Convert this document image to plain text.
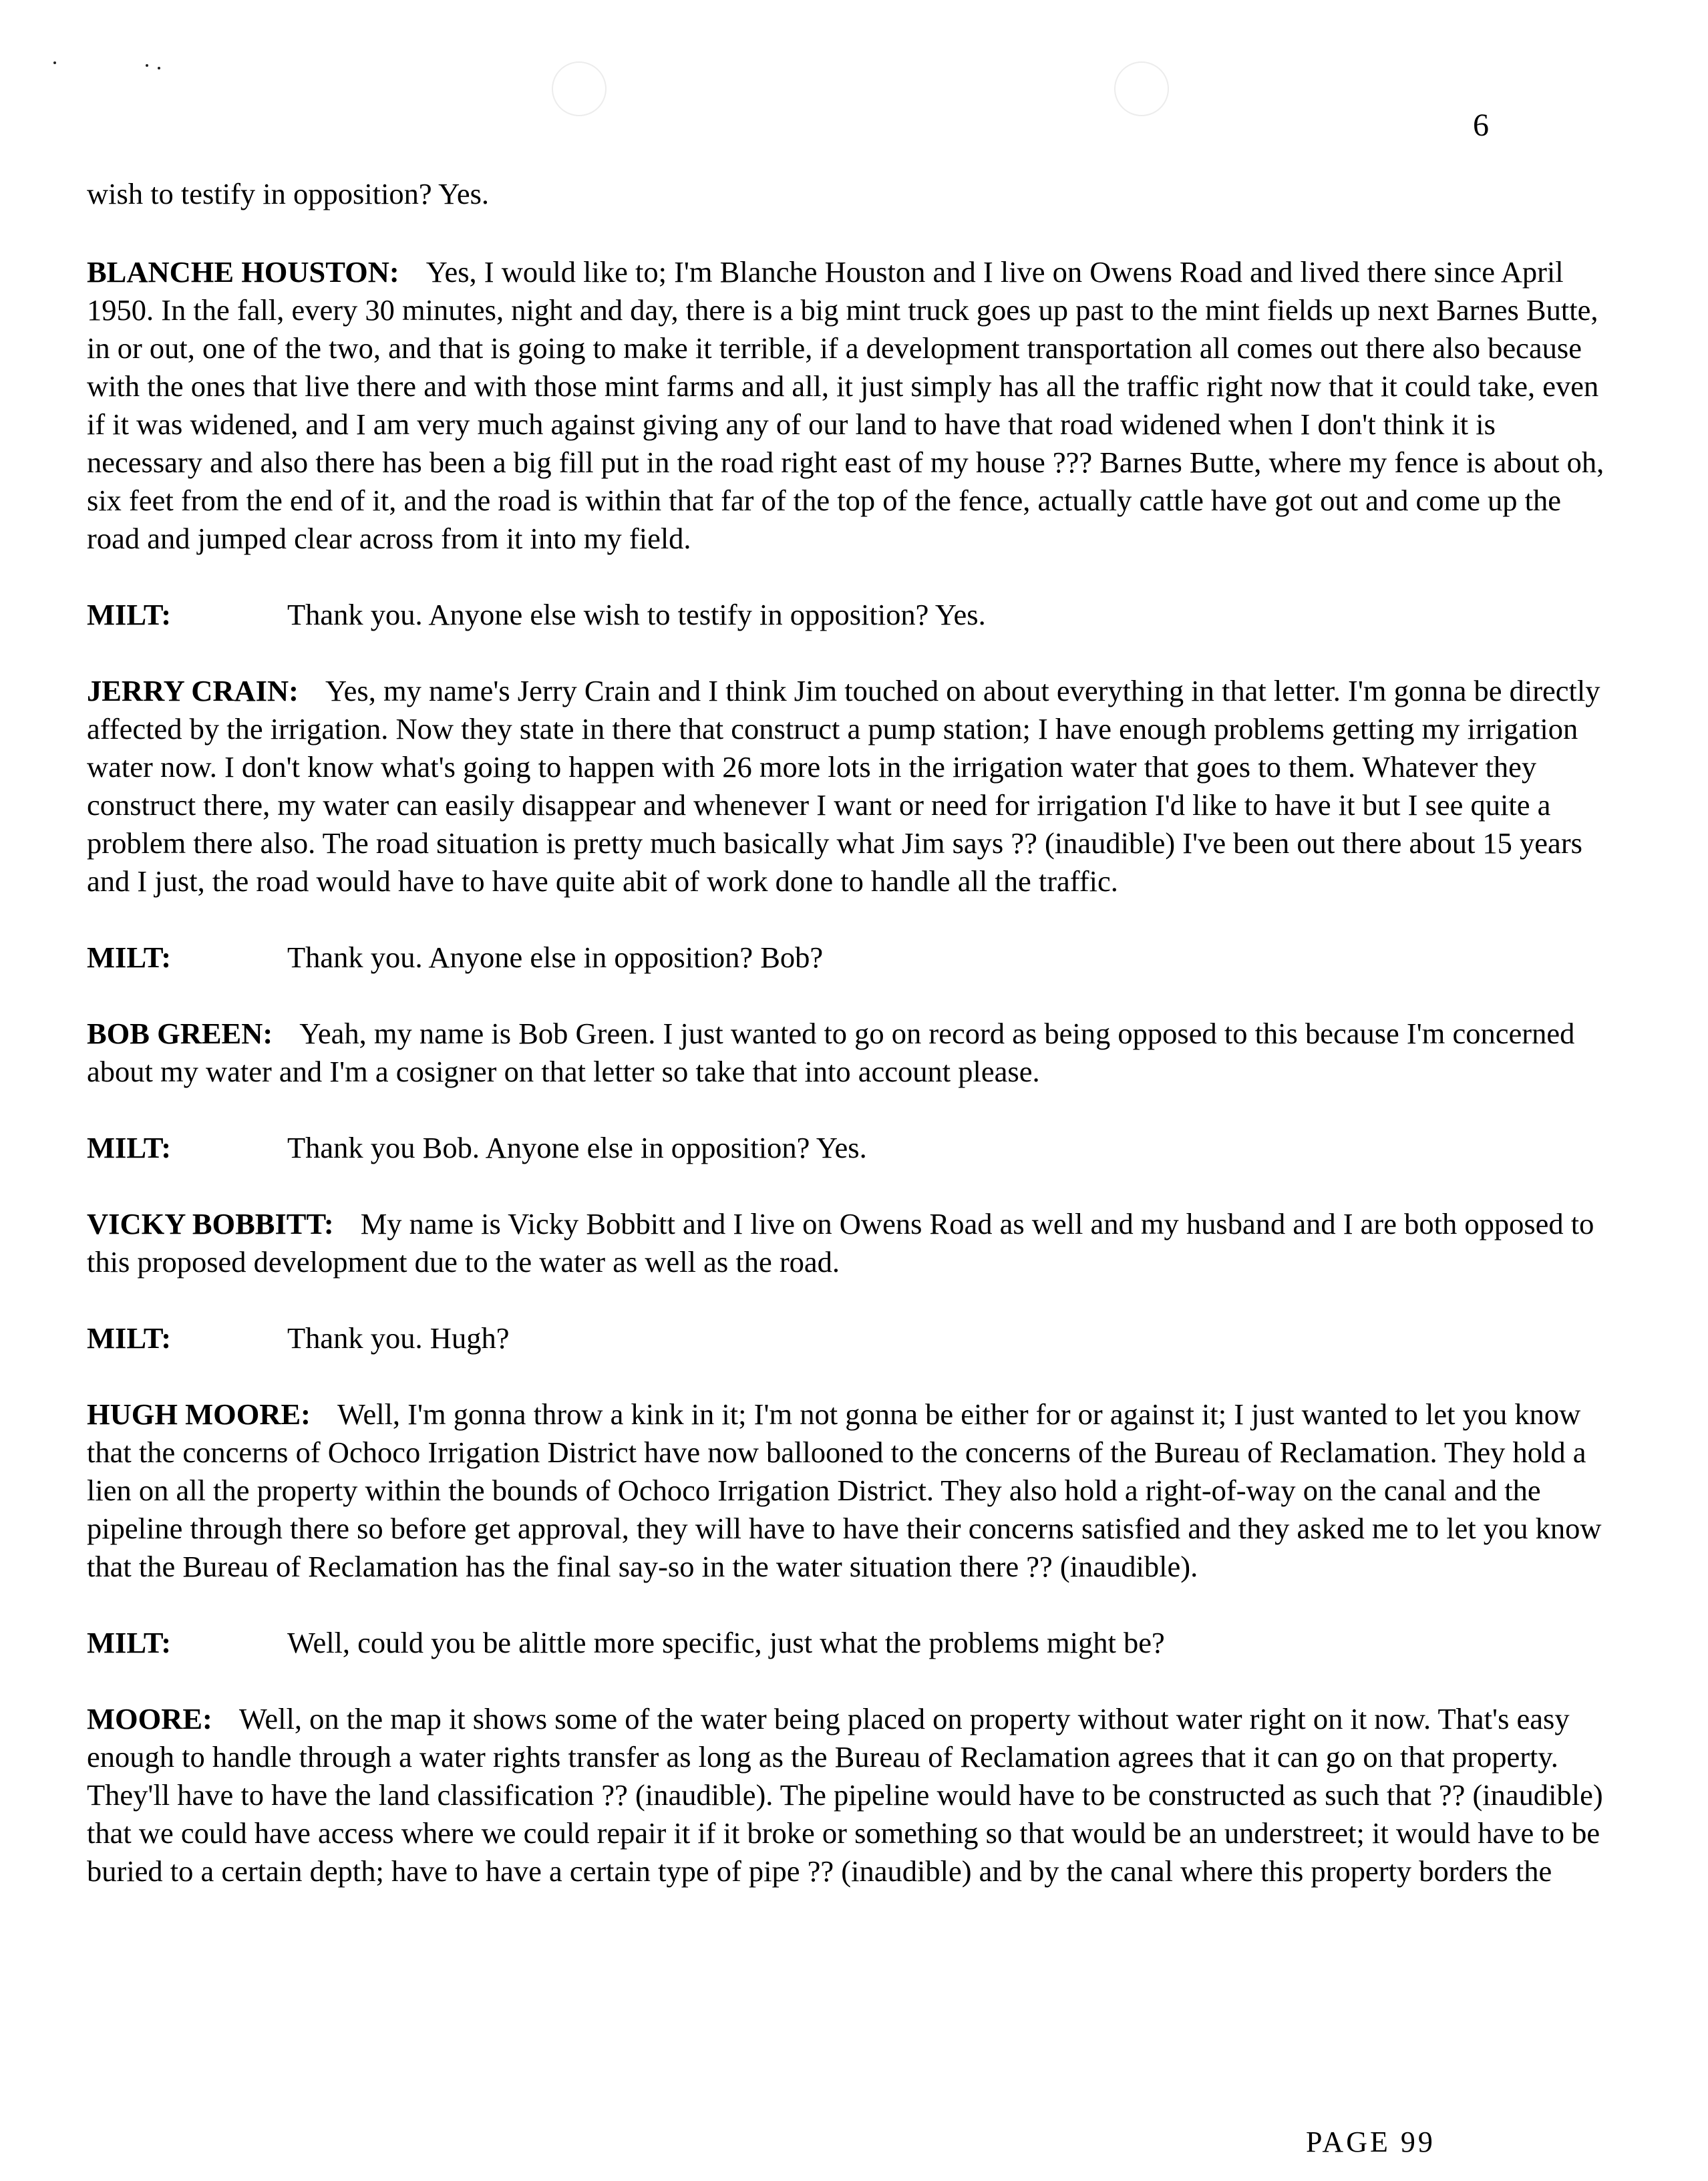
6

wish to testify in opposition? Yes.

BLANCHE HOUSTON: Yes, I would like to; I'm Blanche Houston and I live on Owens Road and lived there since April 1950. In the fall, every 30 minutes, night and day, there is a big mint truck goes up past to the mint fields up next Barnes Butte, in or out, one of the two, and that is going to make it terrible, if a development transportation all comes out there also because with the ones that live there and with those mint farms and all, it just simply has all the traffic right now that it could take, even if it was widened, and I am very much against giving any of our land to have that road widened when I don't think it is necessary and also there has been a big fill put in the road right east of my house ??? Barnes Butte, where my fence is about oh, six feet from the end of it, and the road is within that far of the top of the fence, actually cattle have got out and come up the road and jumped clear across from it into my field.

MILT:	Thank you. Anyone else wish to testify in opposition? Yes.

JERRY CRAIN: Yes, my name's Jerry Crain and I think Jim touched on about everything in that letter. I'm gonna be directly affected by the irrigation. Now they state in there that construct a pump station; I have enough problems getting my irrigation water now. I don't know what's going to happen with 26 more lots in the irrigation water that goes to them. Whatever they construct there, my water can easily disappear and whenever I want or need for irrigation I'd like to have it but I see quite a problem there also. The road situation is pretty much basically what Jim says ?? (inaudible) I've been out there about 15 years and I just, the road would have to have quite abit of work done to handle all the traffic.

MILT:	Thank you. Anyone else in opposition? Bob?

BOB GREEN: Yeah, my name is Bob Green. I just wanted to go on record as being opposed to this because I'm concerned about my water and I'm a cosigner on that letter so take that into account please.

MILT:	Thank you Bob. Anyone else in opposition? Yes.

VICKY BOBBITT: My name is Vicky Bobbitt and I live on Owens Road as well and my husband and I are both opposed to this proposed development due to the water as well as the road.

MILT:	Thank you. Hugh?

HUGH MOORE: Well, I'm gonna throw a kink in it; I'm not gonna be either for or against it; I just wanted to let you know that the concerns of Ochoco Irrigation District have now ballooned to the concerns of the Bureau of Reclamation. They hold a lien on all the property within the bounds of Ochoco Irrigation District. They also hold a right-of-way on the canal and the pipeline through there so before get approval, they will have to have their concerns satisfied and they asked me to let you know that the Bureau of Reclamation has the final say-so in the water situation there ?? (inaudible).

MILT:	Well, could you be alittle more specific, just what the problems might be?

MOORE: Well, on the map it shows some of the water being placed on property without water right on it now. That's easy enough to handle through a water rights transfer as long as the Bureau of Reclamation agrees that it can go on that property. They'll have to have the land classification ?? (inaudible). The pipeline would have to be constructed as such that ?? (inaudible) that we could have access where we could repair it if it broke or something so that would be an understreet; it would have to be buried to a certain depth; have to have a certain type of pipe ?? (inaudible) and by the canal where this property borders the

PAGE 99
